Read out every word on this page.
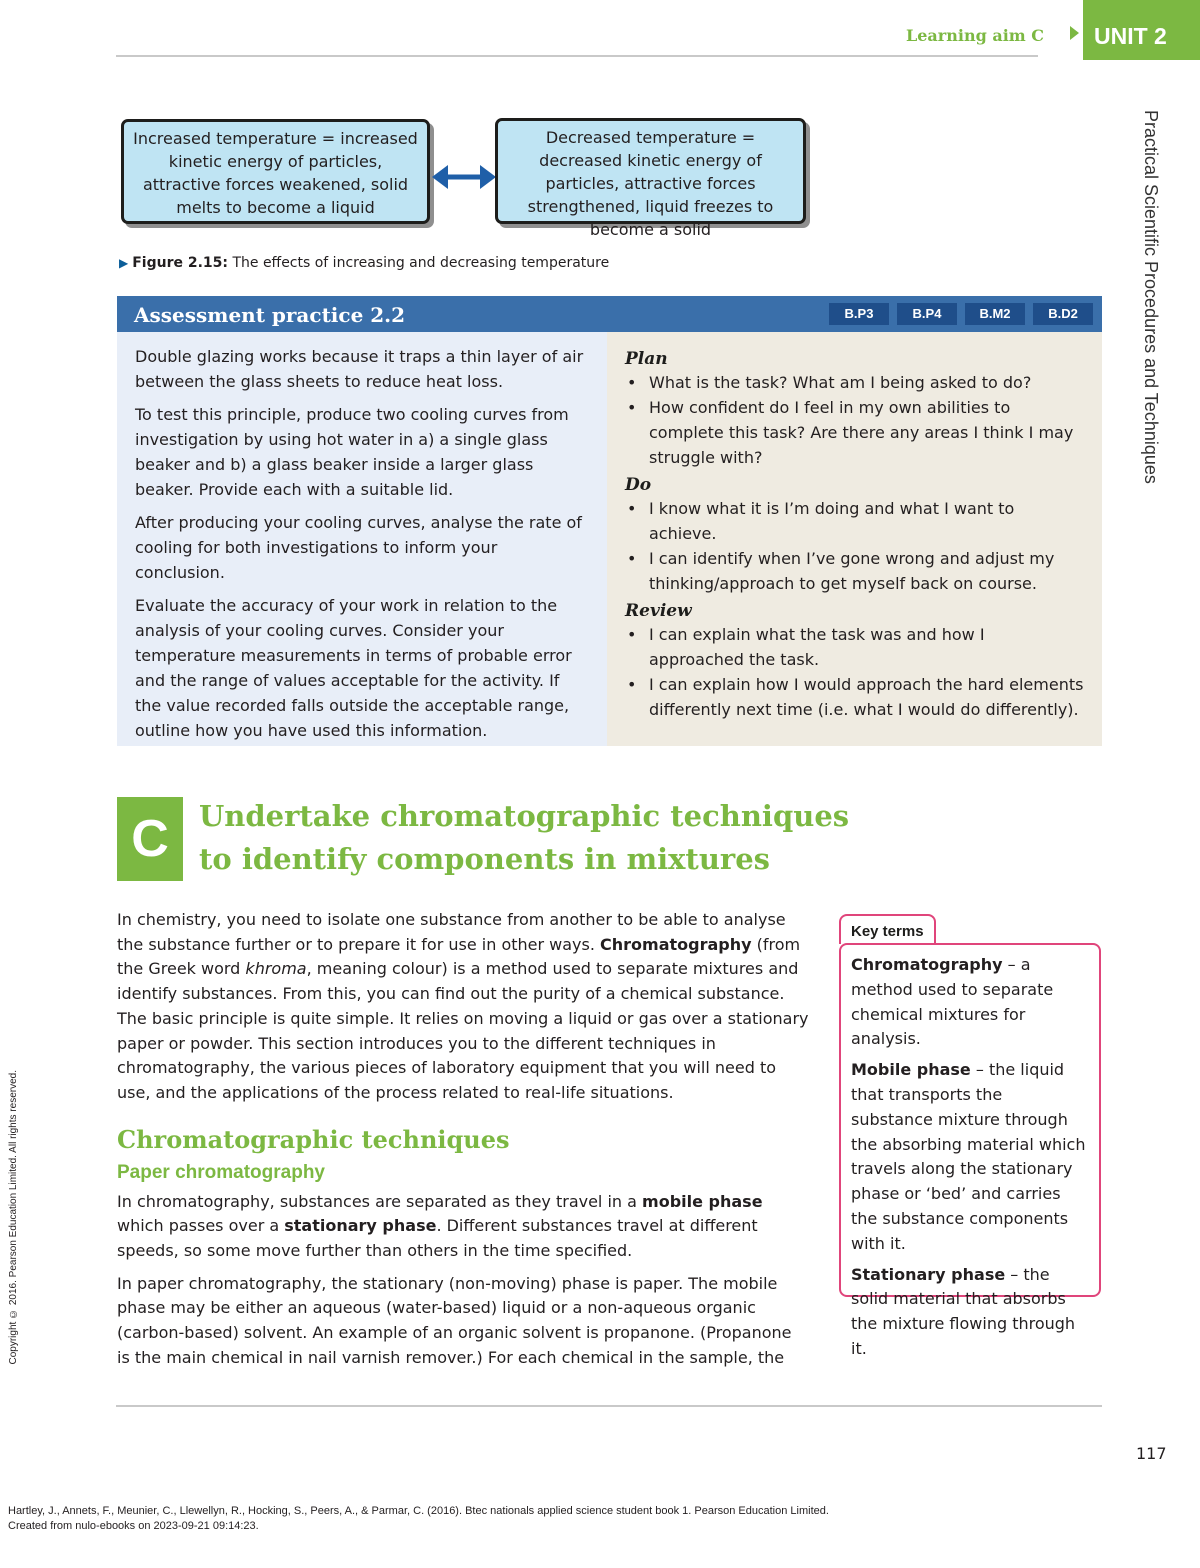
Learning aim C	UNIT 2
Practical Scientific Procedures and Techniques
Increased temperature = increased kinetic energy of particles, attractive forces weakened, solid melts to become a liquid
Decreased temperature = decreased kinetic energy of particles, attractive forces strengthened, liquid freezes to become a solid
▶ Figure 2.15: The effects of increasing and decreasing temperature
Assessment practice 2.2	B.P3	B.P4	B.M2	B.D2

Double glazing works because it traps a thin layer of air between the glass sheets to reduce heat loss.

To test this principle, produce two cooling curves from investigation by using hot water in a) a single glass beaker and b) a glass beaker inside a larger glass beaker. Provide each with a suitable lid.

After producing your cooling curves, analyse the rate of cooling for both investigations to inform your conclusion.

Evaluate the accuracy of your work in relation to the analysis of your cooling curves. Consider your temperature measurements in terms of probable error and the range of values acceptable for the activity. If the value recorded falls outside the acceptable range, outline how you have used this information.

Plan

• What is the task? What am I being asked to do?
• How confident do I feel in my own abilities to complete this task? Are there any areas I think I may struggle with?

Do

• I know what it is I’m doing and what I want to achieve.
• I can identify when I’ve gone wrong and adjust my thinking/approach to get myself back on course.

Review

• I can explain what the task was and how I approached the task.
• I can explain how I would approach the hard elements differently next time (i.e. what I would do differently).
C	Undertake chromatographic techniques
to identify components in mixtures

In chemistry, you need to isolate one substance from another to be able to analyse the substance further or to prepare it for use in other ways. Chromatography (from the Greek word khroma, meaning colour) is a method used to separate mixtures and identify substances. From this, you can find out the purity of a chemical substance. The basic principle is quite simple. It relies on moving a liquid or gas over a stationary paper or powder. This section introduces you to the different techniques in chromatography, the various pieces of laboratory equipment that you will need to use, and the applications of the process related to real-life situations.

Chromatographic techniques
Paper chromatography

In chromatography, substances are separated as they travel in a mobile phase which passes over a stationary phase. Different substances travel at different speeds, so some move further than others in the time specified.

In paper chromatography, the stationary (non-moving) phase is paper. The mobile phase may be either an aqueous (water-based) liquid or a non-aqueous organic (carbon-based) solvent. An example of an organic solvent is propanone. (Propanone is the main chemical in nail varnish remover.) For each chemical in the sample, the

Key terms

Chromatography – a method used to separate chemical mixtures for analysis.

Mobile phase – the liquid that transports the substance mixture through the absorbing material which travels along the stationary phase or ‘bed’ and carries the substance components with it.

Stationary phase – the solid material that absorbs the mixture flowing through it.

117
Copyright © 2016. Pearson Education Limited. All rights reserved.
Hartley, J., Annets, F., Meunier, C., Llewellyn, R., Hocking, S., Peers, A., & Parmar, C. (2016). Btec nationals applied science student book 1. Pearson Education Limited.
Created from nulo-ebooks on 2023-09-21 09:14:23.
